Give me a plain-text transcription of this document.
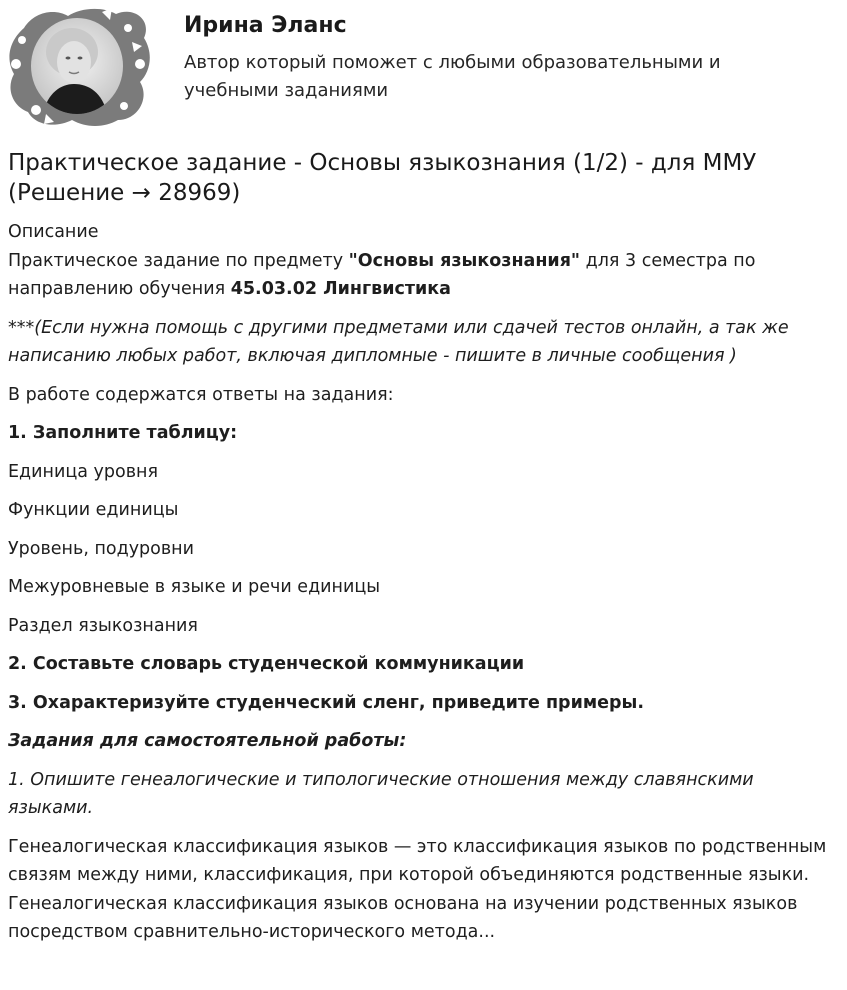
Ирина Эланс
Автор который поможет с любыми образовательными и учебными заданиями
Практическое задание - Основы языкознания (1/2) - для ММУ (Решение → 28969)
Описание
Практическое задание по предмету "Основы языкознания" для 3 семестра по направлению обучения 45.03.02 Лингвистика
***(Если нужна помощь с другими предметами или сдачей тестов онлайн, а так же написанию любых работ, включая дипломные - пишите в личные сообщения )
В работе содержатся ответы на задания:
1. Заполните таблицу:
Единица уровня
Функции единицы
Уровень, подуровни
Межуровневые в языке и речи единицы
Раздел языкознания
2. Составьте словарь студенческой коммуникации
3. Охарактеризуйте студенческий сленг, приведите примеры.
Задания для самостоятельной работы:
1. Опишите генеалогические и типологические отношения между славянскими языками.
Генеалогическая классификация языков — это классификация языков по родственным связям между ними, классификация, при которой объединяются родственные языки. Генеалогическая классификация языков основана на изучении родственных языков посредством сравнительно-исторического метода...
